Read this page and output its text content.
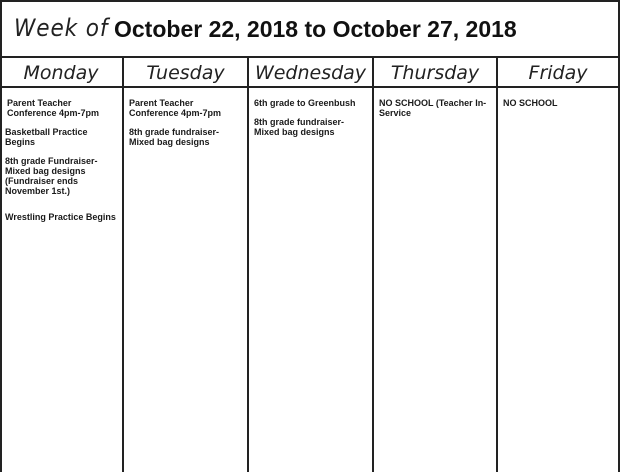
Week of October 22, 2018 to October 27, 2018
Monday
Parent Teacher Conference 4pm-7pm
Basketball Practice Begins
8th grade Fundraiser- Mixed bag designs (Fundraiser ends November 1st.)
Wrestling Practice Begins
Tuesday
Parent Teacher Conference 4pm-7pm
8th grade fundraiser- Mixed bag designs
Wednesday
6th grade to Greenbush
8th grade fundraiser- Mixed bag designs
Thursday
NO SCHOOL (Teacher In-Service
Friday
NO SCHOOL
